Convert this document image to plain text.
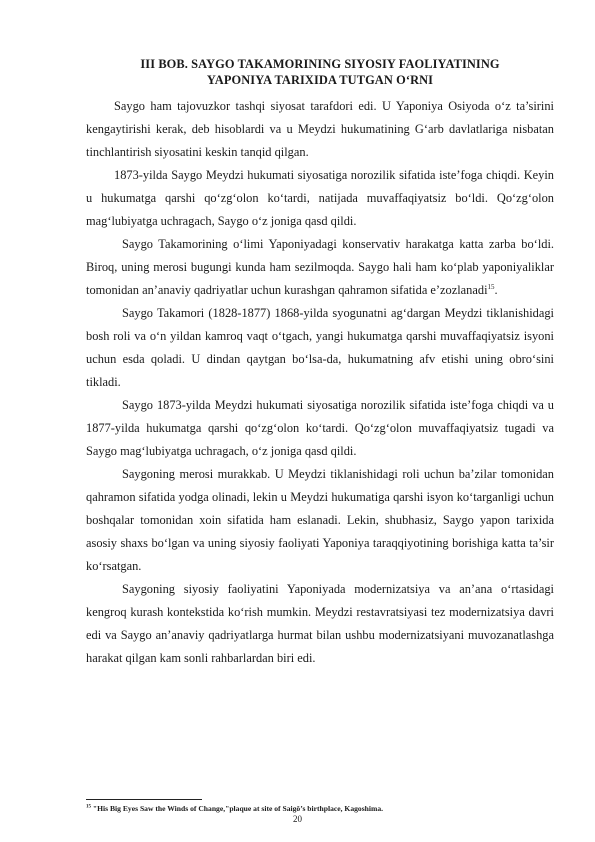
III BOB. SAYGO TAKAMORINING SIYOSIY FAOLIYATINING
YAPONIYA TARIXIDA TUTGAN O‘RNI

Saygo ham tajovuzkor tashqi siyosat tarafdori edi. U Yaponiya Osiyoda o‘z ta’sirini kengaytirishi kerak, deb hisoblardi va u Meydzi hukumatining G‘arb davlatlariga nisbatan tinchlantirish siyosatini keskin tanqid qilgan.

1873-yilda Saygo Meydzi hukumati siyosatiga norozilik sifatida iste’foga chiqdi. Keyin u hukumatga qarshi qo‘zg‘olon ko‘tardi, natijada muvaffaqiyatsiz bo‘ldi. Qo‘zg‘olon mag‘lubiyatga uchragach, Saygo o‘z joniga qasd qildi.

Saygo Takamorining o‘limi Yaponiyadagi konservativ harakatga katta zarba bo‘ldi. Biroq, uning merosi bugungi kunda ham sezilmoqda. Saygo hali ham ko‘plab yaponiyaliklar tomonidan an’anaviy qadriyatlar uchun kurashgan qahramon sifatida e’zozlanadi$^{15}$.

Saygo Takamori (1828-1877) 1868-yilda syogunatni ag‘dargan Meydzi tiklanishidagi bosh roli va o‘n yildan kamroq vaqt o‘tgach, yangi hukumatga qarshi muvaffaqiyatsiz isyoni uchun esda qoladi. U dindan qaytgan bo‘lsa-da, hukumatning afv etishi uning obro‘sini tikladi.

Saygo 1873-yilda Meydzi hukumati siyosatiga norozilik sifatida iste’foga chiqdi va u 1877-yilda hukumatga qarshi qo‘zg‘olon ko‘tardi. Qo‘zg‘olon muvaffaqiyatsiz tugadi va Saygo mag‘lubiyatga uchragach, o‘z joniga qasd qildi.

Saygoning merosi murakkab. U Meydzi tiklanishidagi roli uchun ba’zilar tomonidan qahramon sifatida yodga olinadi, lekin u Meydzi hukumatiga qarshi isyon ko‘targanligi uchun boshqalar tomonidan xoin sifatida ham eslanadi. Lekin, shubhasiz, Saygo yapon tarixida asosiy shaxs bo‘lgan va uning siyosiy faoliyati Yaponiya taraqqiyotining borishiga katta ta’sir ko‘rsatgan.

Saygoning siyosiy faoliyatini Yaponiyada modernizatsiya va an’ana o‘rtasidagi kengroq kurash kontekstida ko‘rish mumkin. Meydzi restavratsiyasi tez modernizatsiya davri edi va Saygo an’anaviy qadriyatlarga hurmat bilan ushbu modernizatsiyani muvozanatlashga harakat qilgan kam sonli rahbarlardan biri edi.

$^{15}$ "His Big Eyes Saw the Winds of Change,"plaque at site of Saigô’s birthplace, Kagoshima.
20
